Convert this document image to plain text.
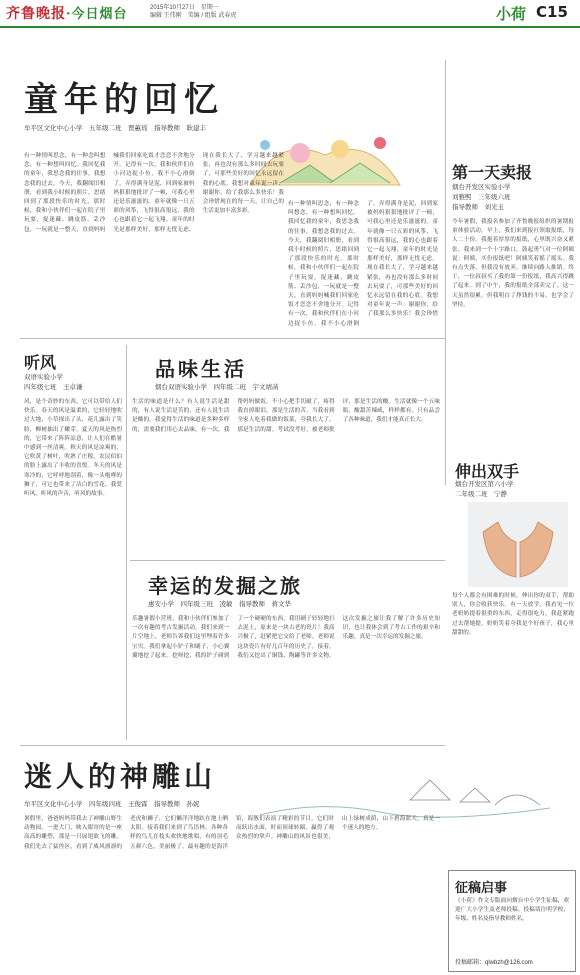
齐鲁晚报·今日烟台	2015年10月27日　星期一
编辑 王伟刚　美编 / 组版 武春虎	小荷 C15
童年的回忆
牟平区文化中心小学　五年级二班　贾蕙瑶　指导教师　耿建丰
有一种情叫思念，有一种念叫想念，有一种想叫回忆。我回忆我的童年，我思念我的往事，我想念我的过去。今天，我翻阅旧相册，看到我小时候的照片，思绪回到了那段快乐的时光。那时候，我和小伙伴们一起在院子里玩耍，捉迷藏、跳皮筋、丢沙包，一玩就是一整天，直到妈妈喊我们回家吃饭才恋恋不舍地分开。记得有一次，我和伙伴们在小河边捉小鱼，我不小心滑倒了，弄得满身是泥，回到家被妈妈狠狠地批评了一顿，可我心里还是乐滋滋的。童年就像一只五彩的风筝，飞得很高很远，我的心也跟着它一起飞翔。童年的时光是那样美好，那样无忧无虑。现在我长大了，学习越来越紧张，再也没有那么多时间去玩耍了，可那些美好的回忆永远留在我的心底。我想对童年说一声：谢谢你，给了我那么多快乐！我会珍惜现在的每一天，让自己的生活更加丰富多彩。
有一种情叫思念，有一种念叫想念，有一种想叫回忆。我回忆我的童年，我思念我的往事，我想念我的过去。今天，我翻阅旧相册，看到我小时候的照片，思绪回到了那段快乐的时光。那时候，我和小伙伴们一起在院子里玩耍，捉迷藏、跳皮筋、丢沙包，一玩就是一整天，直到妈妈喊我们回家吃饭才恋恋不舍地分开。记得有一次，我和伙伴们在小河边捉小鱼，我不小心滑倒了，弄得满身是泥，回到家被妈妈狠狠地批评了一顿，可我心里还是乐滋滋的。童年就像一只五彩的风筝，飞得很高很远，我的心也跟着它一起飞翔。童年的时光是那样美好，那样无忧无虑。现在我长大了，学习越来越紧张，再也没有那么多时间去玩耍了，可那些美好的回忆永远留在我的心底。我想对童年说一声：谢谢你，给了我那么多快乐！我会珍惜
第一天卖报
烟台开发区实验小学
刘雅熙　三年级六班
指导教师　刘光玉
今年暑假，我报名参加了齐鲁晚报组织的暑期报童体验活动。早上，我们来到报社领取报纸，每人二十份。我抱着厚厚的报纸，心里既兴奋又紧张。我来到一个十字路口，鼓起勇气对一位阿姨说：阿姨，买份报纸吧！阿姨笑着摇了摇头。我有点失落，但我没有放弃，继续向路人推销。终于，一位叔叔买了我的第一份报纸，我高兴得跳了起来。到了中午，我的报纸全部卖完了。这一天虽然很累，但我明白了挣钱的不易，也学会了坚持。
听风
双语实验小学
四年级七班　王卓谦
风，是个奇妙的东西，它可以带给人们快乐。春天的风是温柔的，它轻轻地吹过大地，小草探出了头，花儿露出了笑脸，柳树抽出了嫩芽。夏天的风是热烈的，它带来了阵阵凉意，让人们在酷暑中感到一丝清爽。秋天的风是凉爽的，它吹黄了树叶，吹熟了庄稼，农民伯伯的脸上露出了丰收的喜悦。冬天的风是寒冷的，它呼呼地刮着，像一头咆哮的狮子，可它也带来了洁白的雪花。我爱听风，听风的声音，听风的故事。
品味生活
烟台双语实验小学　四年级二班　宇文靖菡
生活的味道是什么？有人说生活是甜的，有人说生活是苦的，还有人说生活是酸的。我觉得生活的味道是多种多样的，需要我们用心去品味。有一次，我帮妈妈做饭，不小心把手切破了，疼得我直掉眼泪，那是生活的苦。当我看到全家人吃着我做的饭菜，夸我长大了，那是生活的甜。考试没考好，被老师批评，那是生活的酸。生活就像一个五味瓶，酸甜苦辣咸，样样都有。只有品尝了各种味道，我们才能真正长大。
伸出双手
烟台开发区第六小学
二年级二班　宁静
每个人都会有困难的时候，伸出你的双手，帮助别人，你会收获快乐。有一天放学，我看见一位老奶奶提着很重的东西，走得很吃力，我赶紧跑过去帮她提，奶奶笑着夸我是个好孩子，我心里甜甜的。
幸运的发掘之旅
惠安小学　四年级三班　凌敏　指导教师　蒋文华
乐趣暑假小营班，我和小伙伴们参加了一次有趣的考古发掘活动。我们来到一片空地上，老师告诉我们这里埋着许多宝贝。我们拿起小铲子和刷子，小心翼翼地挖了起来。挖呀挖，我的铲子碰到了一个硬硬的东西，我用刷子轻轻地扫去泥土，原来是一块古老的瓷片！我高兴极了，赶紧把它交给了老师。老师说这块瓷片有好几百年的历史了。接着，我们又挖出了铜钱、陶罐等许多文物。这次发掘之旅让我了解了许多历史知识，也让我体会到了考古工作的艰辛和乐趣，真是一次幸运的发掘之旅。
迷人的神雕山
牟平区文化中心小学　四年级四班　王俊霖　指导教师　孙妮
暑假里，爸爸妈妈带我去了神雕山野生动物园。一进大门，映入眼帘的是一座高高的雕塑，那是一只展翅欲飞的雕。我们先去了猛兽区，看到了威风凛凛的老虎和狮子，它们懒洋洋地趴在地上晒太阳。接着我们来到了鸟语林，各种各样的鸟儿在枝头欢快地歌唱，有的羽毛五颜六色，美丽极了。最有趣的是海洋馆，海豚们表演了精彩的节目，它们时而跃出水面，时而顶球转圈，赢得了观众热烈的掌声。神雕山的风景也很美，山上绿树成荫，山下碧海蓝天，真是一个迷人的地方。
征稿启事
《小荷》作文专版面向烟台中小学生征稿，欢迎广大小学生及老师投稿。投稿请注明学校、年级、姓名及指导教师姓名。
投稿邮箱：qlwbzh@126.com
